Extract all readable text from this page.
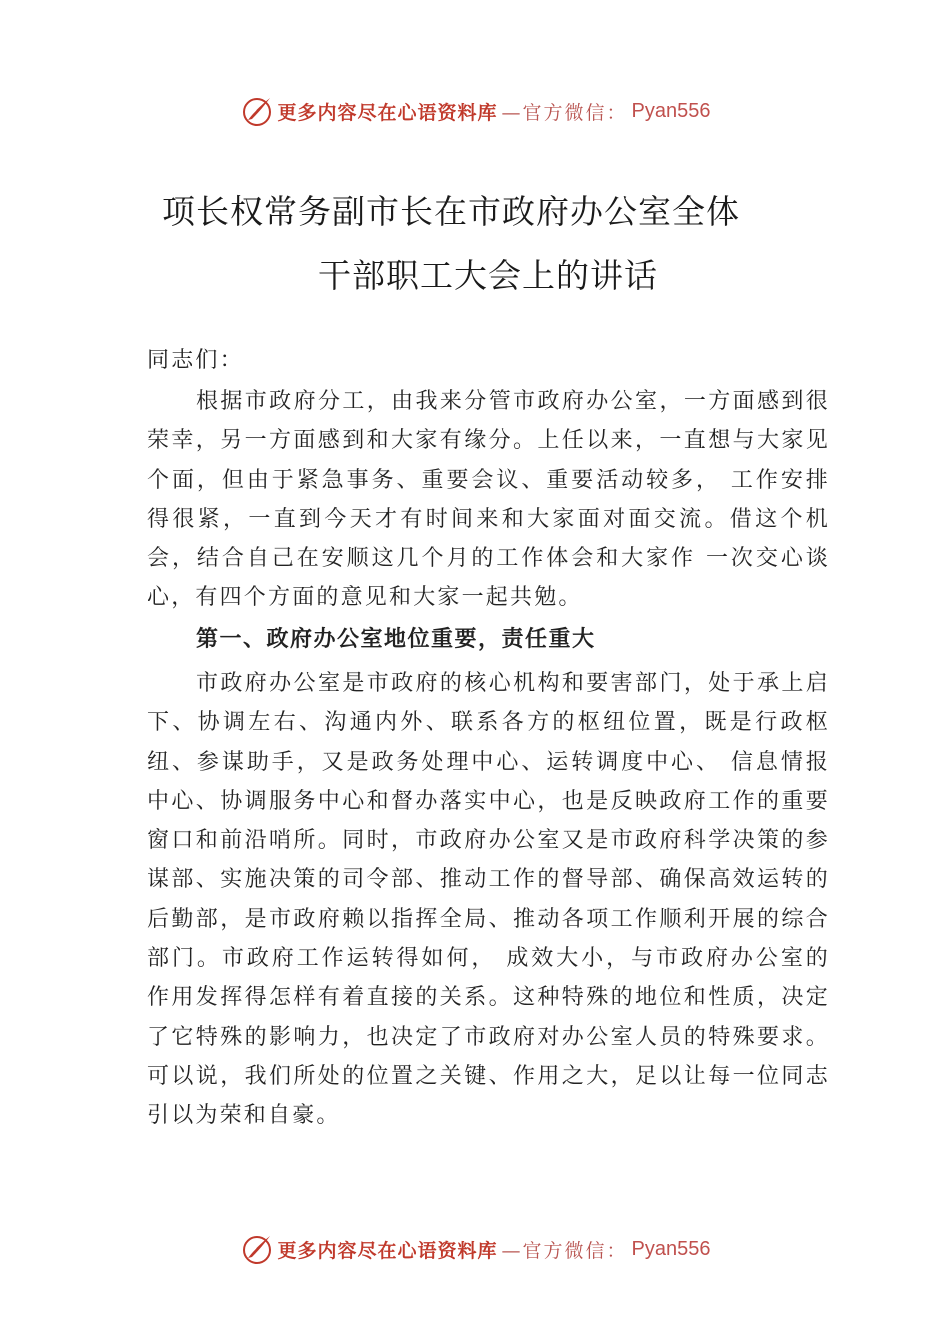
更多内容尽在心语资料库 —官方微信： Pyan556
项长权常务副市长在市政府办公室全体
干部职工大会上的讲话
同志们：

根据市政府分工，由我来分管市政府办公室，一方面感到很荣幸，另一方面感到和大家有缘分。上任以来，一直想与大家见个面，但由于紧急事务、重要会议、重要活动较多， 工作安排得很紧，一直到今天才有时间来和大家面对面交流。借这个机会，结合自己在安顺这几个月的工作体会和大家作 一次交心谈心，有四个方面的意见和大家一起共勉。

第一、政府办公室地位重要，责任重大

市政府办公室是市政府的核心机构和要害部门，处于承上启下、协调左右、沟通内外、联系各方的枢纽位置，既是行政枢纽、参谋助手，又是政务处理中心、运转调度中心、 信息情报中心、协调服务中心和督办落实中心，也是反映政府工作的重要窗口和前沿哨所。同时，市政府办公室又是市政府科学决策的参谋部、实施决策的司令部、推动工作的督导部、确保高效运转的后勤部，是市政府赖以指挥全局、推动各项工作顺利开展的综合部门。市政府工作运转得如何， 成效大小，与市政府办公室的作用发挥得怎样有着直接的关系。这种特殊的地位和性质，决定了它特殊的影响力，也决定了市政府对办公室人员的特殊要求。可以说，我们所处的位置之关键、作用之大，足以让每一位同志引以为荣和自豪。

更多内容尽在心语资料库 —官方微信： Pyan556
